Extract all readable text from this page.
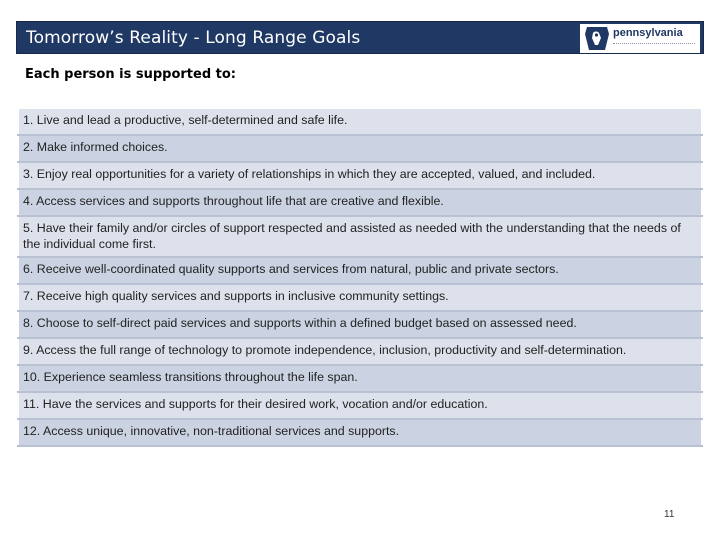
Tomorrow’s Reality - Long Range Goals	pennsylvania
Each person is supported to:
1. Live and lead a productive, self-determined and safe life.
2. Make informed choices.
3. Enjoy real opportunities for a variety of relationships in which they are accepted, valued, and included.
4. Access services and supports throughout life that are creative and flexible.
5. Have their family and/or circles of support respected and assisted as needed with the understanding that the needs of the individual come first.
6. Receive well-coordinated quality supports and services from natural, public and private sectors.
7. Receive high quality services and supports in inclusive community settings.
8. Choose to self-direct paid services and supports within a defined budget based on assessed need.
9. Access the full range of technology to promote independence, inclusion, productivity and self-determination.
10. Experience seamless transitions throughout the life span.
11. Have the services and supports for their desired work, vocation and/or education.
12. Access unique, innovative, non-traditional services and supports.
11
